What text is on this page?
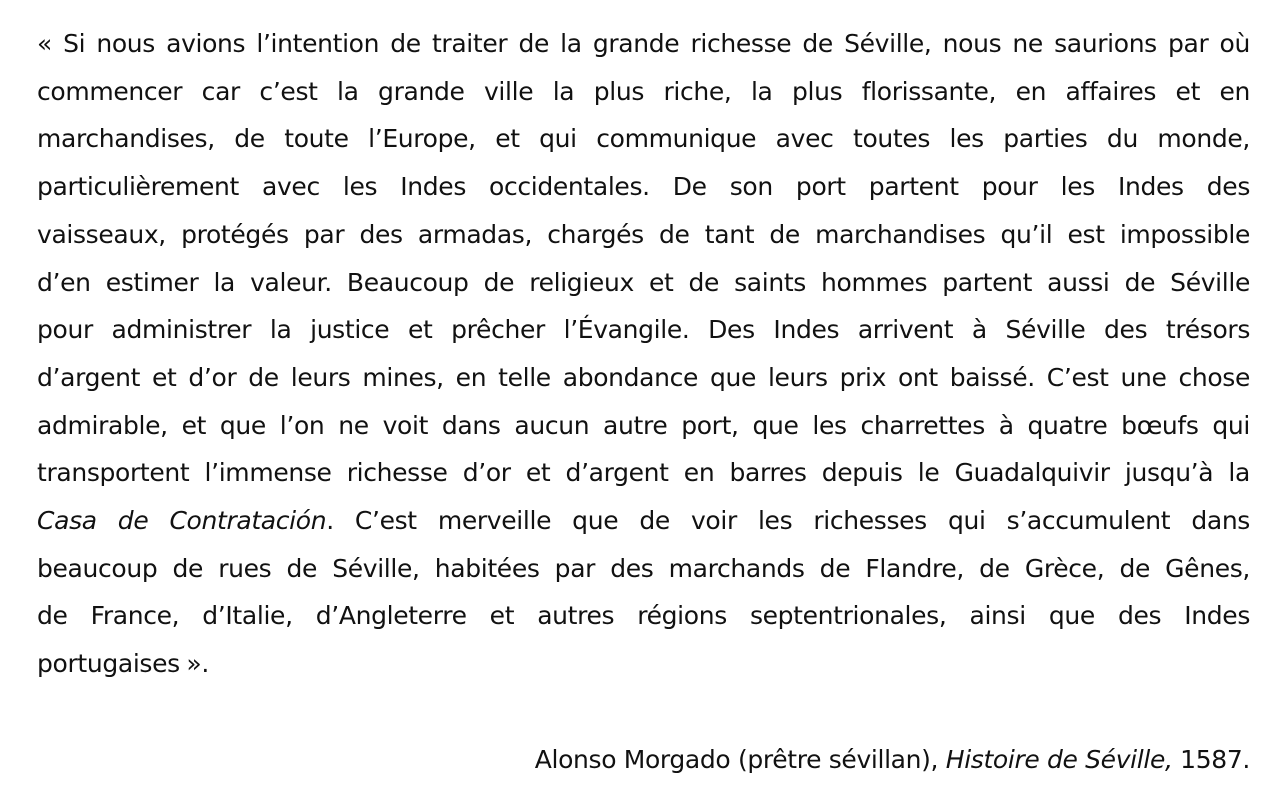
« Si nous avions l’intention de traiter de la grande richesse de Séville, nous ne saurions par où
commencer car c’est la grande ville la plus riche, la plus florissante, en affaires et en
marchandises, de toute l’Europe, et qui communique avec toutes les parties du monde,
particulièrement avec les Indes occidentales. De son port partent pour les Indes des
vaisseaux, protégés par des armadas, chargés de tant de marchandises qu’il est impossible
d’en estimer la valeur. Beaucoup de religieux et de saints hommes partent aussi de Séville
pour administrer la justice et prêcher l’Évangile. Des Indes arrivent à Séville des trésors
d’argent et d’or de leurs mines, en telle abondance que leurs prix ont baissé. C’est une chose
admirable, et que l’on ne voit dans aucun autre port, que les charrettes à quatre bœufs qui
transportent l’immense richesse d’or et d’argent en barres depuis le Guadalquivir jusqu’à la
Casa de Contratación. C’est merveille que de voir les richesses qui s’accumulent dans
beaucoup de rues de Séville, habitées par des marchands de Flandre, de Grèce, de Gênes,
de France, d’Italie, d’Angleterre et autres régions septentrionales, ainsi que des Indes
portugaises ».

Alonso Morgado (prêtre sévillan), Histoire de Séville, 1587.
